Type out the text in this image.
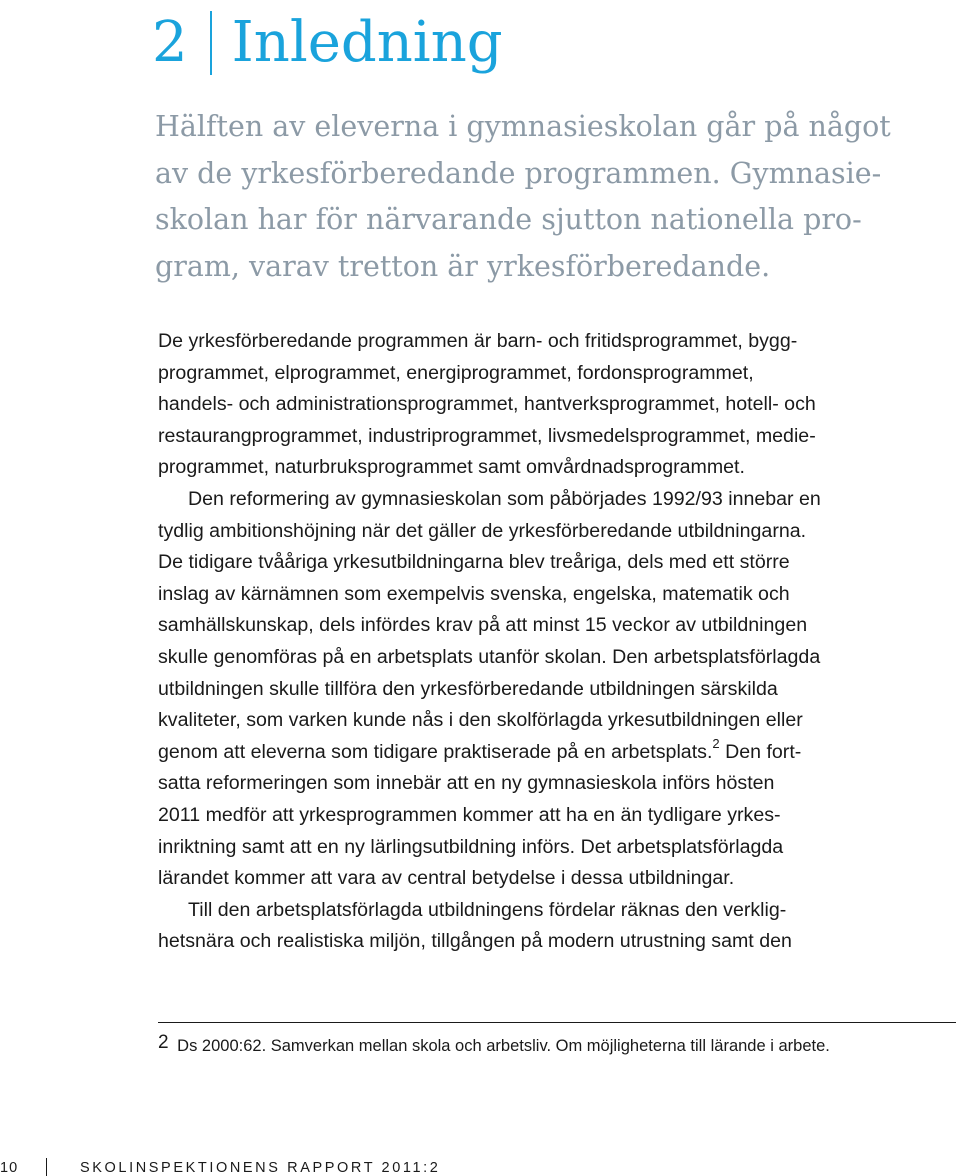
2 Inledning

Hälften av eleverna i gymnasieskolan går på något
av de yrkesförberedande programmen. Gymnasie-
skolan har för närvarande sjutton nationella pro-
gram, varav tretton är yrkesförberedande.

De yrkesförberedande programmen är barn- och fritidsprogrammet, bygg-
programmet, elprogrammet, energiprogrammet, fordonsprogrammet,
handels- och administrationsprogrammet, hantverksprogrammet, hotell- och
restaurangprogrammet, industriprogrammet, livsmedelsprogrammet, medie-
programmet, naturbruksprogrammet samt omvårdnadsprogrammet.
Den reformering av gymnasieskolan som påbörjades 1992/93 innebar en
tydlig ambitionshöjning när det gäller de yrkesförberedande utbildningarna.
De tidigare tvååriga yrkesutbildningarna blev treåriga, dels med ett större
inslag av kärnämnen som exempelvis svenska, engelska, matematik och
samhällskunskap, dels infördes krav på att minst 15 veckor av utbildningen
skulle genomföras på en arbetsplats utanför skolan. Den arbetsplatsförlagda
utbildningen skulle tillföra den yrkesförberedande utbildningen särskilda
kvaliteter, som varken kunde nås i den skolförlagda yrkesutbildningen eller
genom att eleverna som tidigare praktiserade på en arbetsplats.$^2$ Den fort-
satta reformeringen som innebär att en ny gymnasieskola införs hösten
2011 medför att yrkesprogrammen kommer att ha en än tydligare yrkes-
inriktning samt att en ny lärlingsutbildning införs. Det arbetsplatsförlagda
lärandet kommer att vara av central betydelse i dessa utbildningar.
Till den arbetsplatsförlagda utbildningens fördelar räknas den verklig-
hetsnära och realistiska miljön, tillgången på modern utrustning samt den
2 Ds 2000:62. Samverkan mellan skola och arbetsliv. Om möjligheterna till lärande i arbete.
10	SKOLINSPEKTIONENS RAPPORT 2011:2
